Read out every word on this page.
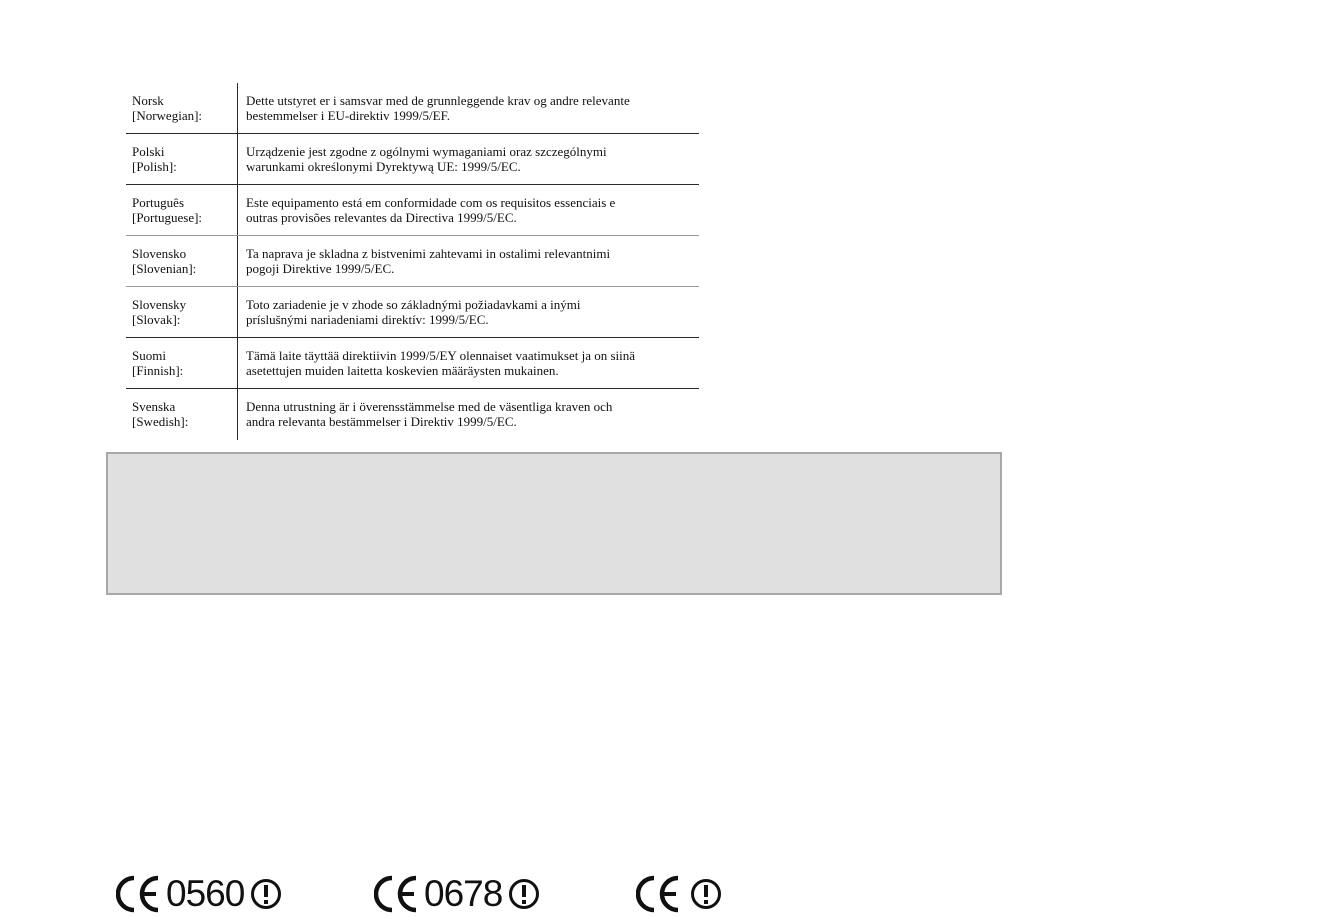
Norsk
[Norwegian]:
Dette utstyret er i samsvar med de grunnleggende krav og andre relevante
bestemmelser i EU-direktiv 1999/5/EF.
Polski
[Polish]:
Urządzenie jest zgodne z ogólnymi wymaganiami oraz szczególnymi
warunkami określonymi Dyrektywą UE: 1999/5/EC.
Português
[Portuguese]:
Este equipamento está em conformidade com os requisitos essenciais e
outras provisões relevantes da Directiva 1999/5/EC.
Slovensko
[Slovenian]:
Ta naprava je skladna z bistvenimi zahtevami in ostalimi relevantnimi
pogoji Direktive 1999/5/EC.
Slovensky
[Slovak]:
Toto zariadenie je v zhode so základnými požiadavkami a inými
príslušnými nariadeniami direktív: 1999/5/EC.
Suomi
[Finnish]:
Tämä laite täyttää direktiivin 1999/5/EY olennaiset vaatimukset ja on siinä
asetettujen muiden laitetta koskevien määräysten mukainen.
Svenska
[Swedish]:
Denna utrustning är i överensstämmelse med de väsentliga kraven och
andra relevanta bestämmelser i Direktiv 1999/5/EC.
0560	0678
